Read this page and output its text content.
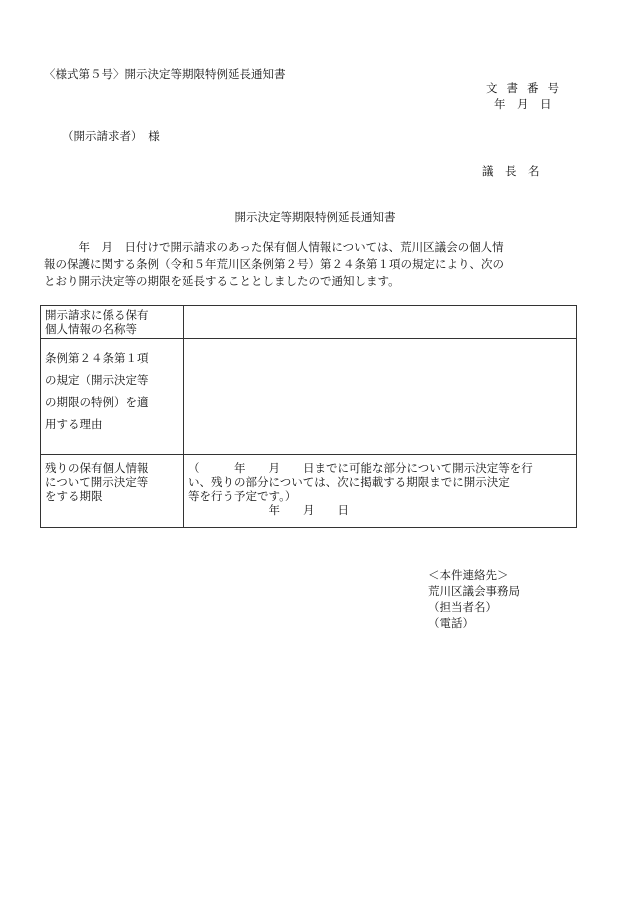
〈様式第５号〉開示決定等期限特例延長通知書
文書番号
年　月　日
（開示請求者）　様
議　長　名
開示決定等期限特例延長通知書

　　　年　月　日付けで開示請求のあった保有個人情報については、荒川区議会の個人情

報の保護に関する条例（令和５年荒川区条例第２号）第２４条第１項の規定により、次の

とおり開示決定等の期限を延長することとしましたので通知します。

開示請求に係る保有
個人情報の名称等	

条例第２４条第１項
の規定（開示決定等
の期限の特例）を適
用する理由	

残りの保有個人情報
について開示決定等
をする期限	（　　　年　　月　　日までに可能な部分について開示決定等を行
い、残りの部分については、次に掲載する期限までに開示決定
等を行う予定です。）
　　　　　　　年　　月　　日
＜本件連絡先＞
荒川区議会事務局
（担当者名）
（電話）
